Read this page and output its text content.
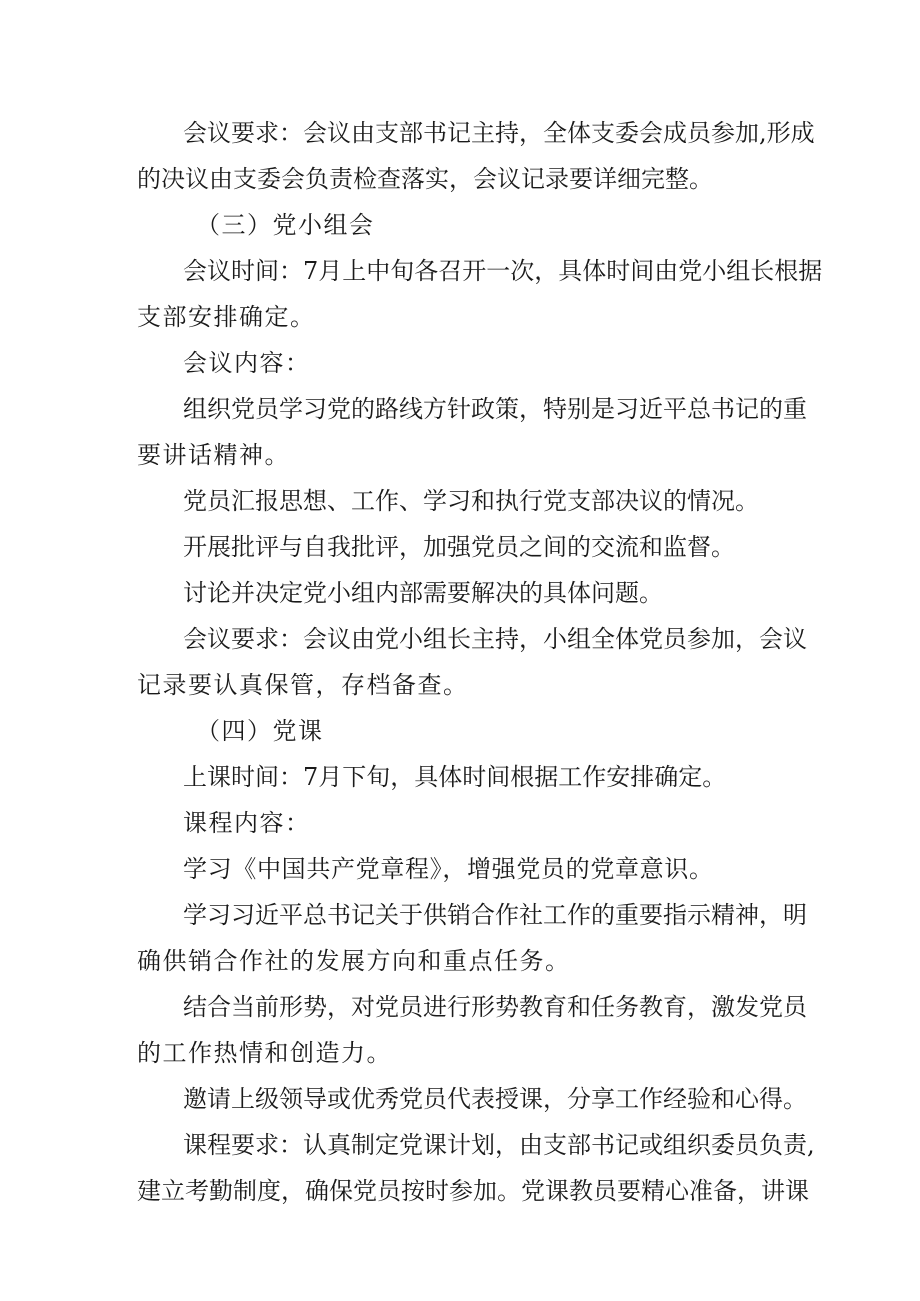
会议要求：会议由支部书记主持，全体支委会成员参加,形成
的决议由支委会负责检查落实，会议记录要详细完整。
（三）党小组会
会议时间：7月上中旬各召开一次，具体时间由党小组长根据
支部安排确定。
会议内容：
组织党员学习党的路线方针政策，特别是习近平总书记的重
要讲话精神。
党员汇报思想、工作、学习和执行党支部决议的情况。
开展批评与自我批评，加强党员之间的交流和监督。
讨论并决定党小组内部需要解决的具体问题。
会议要求：会议由党小组长主持，小组全体党员参加，会议
记录要认真保管，存档备查。
（四）党课
上课时间：7月下旬，具体时间根据工作安排确定。
课程内容：
学习《中国共产党章程》，增强党员的党章意识。
学习习近平总书记关于供销合作社工作的重要指示精神，明
确供销合作社的发展方向和重点任务。
结合当前形势，对党员进行形势教育和任务教育，激发党员
的工作热情和创造力。
邀请上级领导或优秀党员代表授课，分享工作经验和心得。
课程要求：认真制定党课计划，由支部书记或组织委员负责,
建立考勤制度，确保党员按时参加。党课教员要精心准备，讲课
